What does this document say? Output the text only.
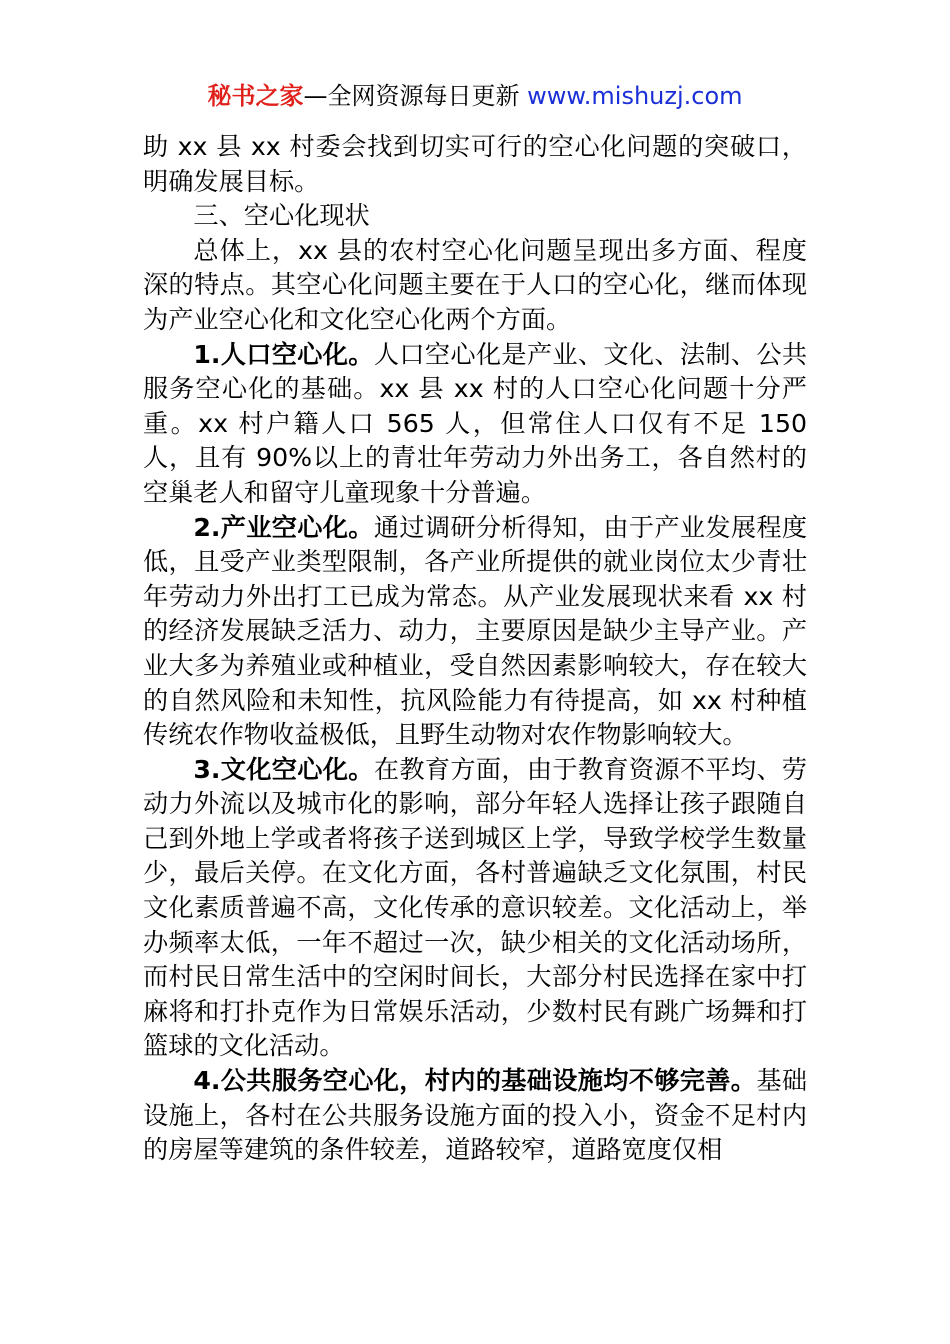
秘书之家—全网资源每日更新 www.mishuzj.com

助 xx 县 xx 村委会找到切实可行的空心化问题的突破口，明确发展目标。

三、空心化现状

总体上，xx 县的农村空心化问题呈现出多方面、程度深的特点。其空心化问题主要在于人口的空心化，继而体现为产业空心化和文化空心化两个方面。

1.人口空心化。人口空心化是产业、文化、法制、公共服务空心化的基础。xx 县 xx 村的人口空心化问题十分严重。xx 村户籍人口 565 人，但常住人口仅有不足 150 人，且有 90%以上的青壮年劳动力外出务工，各自然村的空巢老人和留守儿童现象十分普遍。

2.产业空心化。通过调研分析得知，由于产业发展程度低，且受产业类型限制，各产业所提供的就业岗位太少青壮年劳动力外出打工已成为常态。从产业发展现状来看 xx 村的经济发展缺乏活力、动力，主要原因是缺少主导产业。产业大多为养殖业或种植业，受自然因素影响较大，存在较大的自然风险和未知性，抗风险能力有待提高，如 xx 村种植传统农作物收益极低，且野生动物对农作物影响较大。

3.文化空心化。在教育方面，由于教育资源不平均、劳动力外流以及城市化的影响，部分年轻人选择让孩子跟随自己到外地上学或者将孩子送到城区上学，导致学校学生数量少，最后关停。在文化方面，各村普遍缺乏文化氛围，村民文化素质普遍不高，文化传承的意识较差。文化活动上，举办频率太低，一年不超过一次，缺少相关的文化活动场所，而村民日常生活中的空闲时间长，大部分村民选择在家中打麻将和打扑克作为日常娱乐活动，少数村民有跳广场舞和打篮球的文化活动。

4.公共服务空心化，村内的基础设施均不够完善。基础设施上，各村在公共服务设施方面的投入小，资金不足村内的房屋等建筑的条件较差，道路较窄，道路宽度仅相
